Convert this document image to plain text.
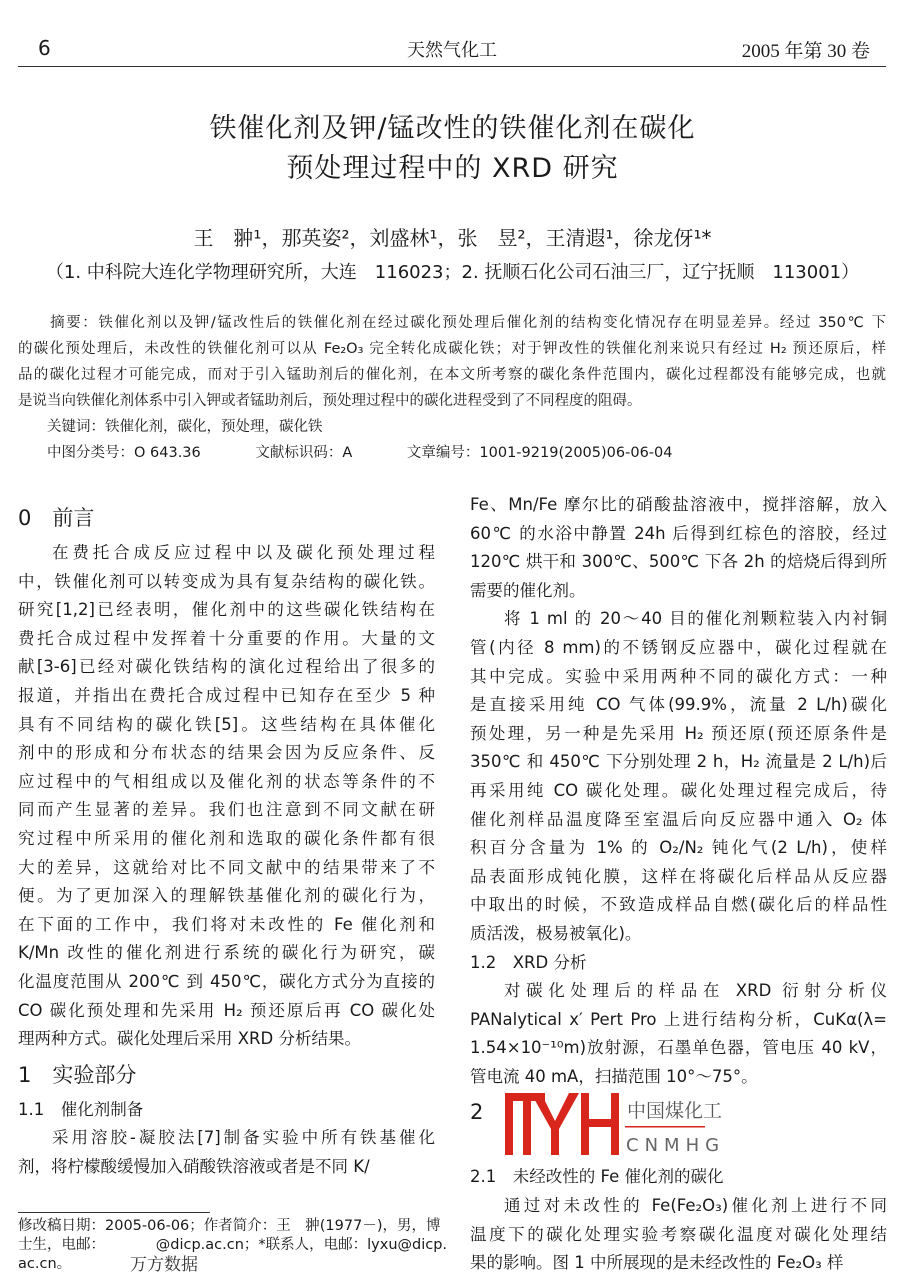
6	天然气化工	2005 年第 30 卷
铁催化剂及钾/锰改性的铁催化剂在碳化
预处理过程中的 XRD 研究
王　翀¹，那英姿²，刘盛林¹，张　昱²，王清遐¹，徐龙伢¹*
（1. 中科院大连化学物理研究所，大连　116023；2. 抚顺石化公司石油三厂，辽宁抚顺　113001）
　　摘要：铁催化剂以及钾/锰改性后的铁催化剂在经过碳化预处理后催化剂的结构变化情况存在明显差异。经过 350℃ 下
的碳化预处理后，未改性的铁催化剂可以从 Fe₂O₃ 完全转化成碳化铁；对于钾改性的铁催化剂来说只有经过 H₂ 预还原后，样
品的碳化过程才可能完成，而对于引入锰助剂后的催化剂，在本文所考察的碳化条件范围内，碳化过程都没有能够完成，也就
是说当向铁催化剂体系中引入钾或者锰助剂后，预处理过程中的碳化进程受到了不同程度的阻碍。
　　关键词：铁催化剂，碳化，预处理，碳化铁
　　中图分类号：O 643.36	文献标识码：A	文章编号：1001-9219(2005)06-06-04
0　前言
在费托合成反应过程中以及碳化预处理过程
中，铁催化剂可以转变成为具有复杂结构的碳化铁。
研究[1,2]已经表明，催化剂中的这些碳化铁结构在
费托合成过程中发挥着十分重要的作用。大量的文
献[3-6]已经对碳化铁结构的演化过程给出了很多的
报道，并指出在费托合成过程中已知存在至少 5 种
具有不同结构的碳化铁[5]。这些结构在具体催化
剂中的形成和分布状态的结果会因为反应条件、反
应过程中的气相组成以及催化剂的状态等条件的不
同而产生显著的差异。我们也注意到不同文献在研
究过程中所采用的催化剂和选取的碳化条件都有很
大的差异，这就给对比不同文献中的结果带来了不
便。为了更加深入的理解铁基催化剂的碳化行为，
在下面的工作中，我们将对未改性的 Fe 催化剂和
K/Mn 改性的催化剂进行系统的碳化行为研究，碳
化温度范围从 200℃ 到 450℃，碳化方式分为直接的
CO 碳化预处理和先采用 H₂ 预还原后再 CO 碳化处
理两种方式。碳化处理后采用 XRD 分析结果。
1　实验部分
1.1　催化剂制备
采用溶胶-凝胶法[7]制备实验中所有铁基催化
剂，将柠檬酸缓慢加入硝酸铁溶液或者是不同 K/
Fe、Mn/Fe 摩尔比的硝酸盐溶液中，搅拌溶解，放入
60℃ 的水浴中静置 24h 后得到红棕色的溶胶，经过
120℃ 烘干和 300℃、500℃ 下各 2h 的焙烧后得到所
需要的催化剂。
将 1 ml 的 20～40 目的催化剂颗粒装入内衬铜
管(内径 8 mm)的不锈钢反应器中，碳化过程就在
其中完成。实验中采用两种不同的碳化方式：一种
是直接采用纯 CO 气体(99.9%，流量 2 L/h)碳化
预处理，另一种是先采用 H₂ 预还原(预还原条件是
350℃ 和 450℃ 下分别处理 2 h，H₂ 流量是 2 L/h)后
再采用纯 CO 碳化处理。碳化处理过程完成后，待
催化剂样品温度降至室温后向反应器中通入 O₂ 体
积百分含量为 1% 的 O₂/N₂ 钝化气(2 L/h)，使样
品表面形成钝化膜，这样在将碳化后样品从反应器
中取出的时候，不致造成样品自燃(碳化后的样品性
质活泼，极易被氧化)。
1.2　XRD 分析
对碳化处理后的样品在 XRD 衍射分析仪
PANalytical x′ Pert Pro 上进行结构分析，CuKα(λ=
1.54×10⁻¹⁰m)放射源，石墨单色器，管电压 40 kV，
管电流 40 mA，扫描范围 10°～75°。
2
2.1　未经改性的 Fe 催化剂的碳化
通过对未改性的 Fe(Fe₂O₃)催化剂上进行不同
温度下的碳化处理实验考察碳化温度对碳化处理结
果的影响。图 1 中所展现的是未经改性的 Fe₂O₃ 样
中国煤化工
CNMHG
修改稿日期：2005-06-06；作者简介：王　翀(1977－)，男，博
士生，电邮：　　　　@dicp.ac.cn；*联系人，电邮：lyxu@dicp.
ac.cn。	万方数据
